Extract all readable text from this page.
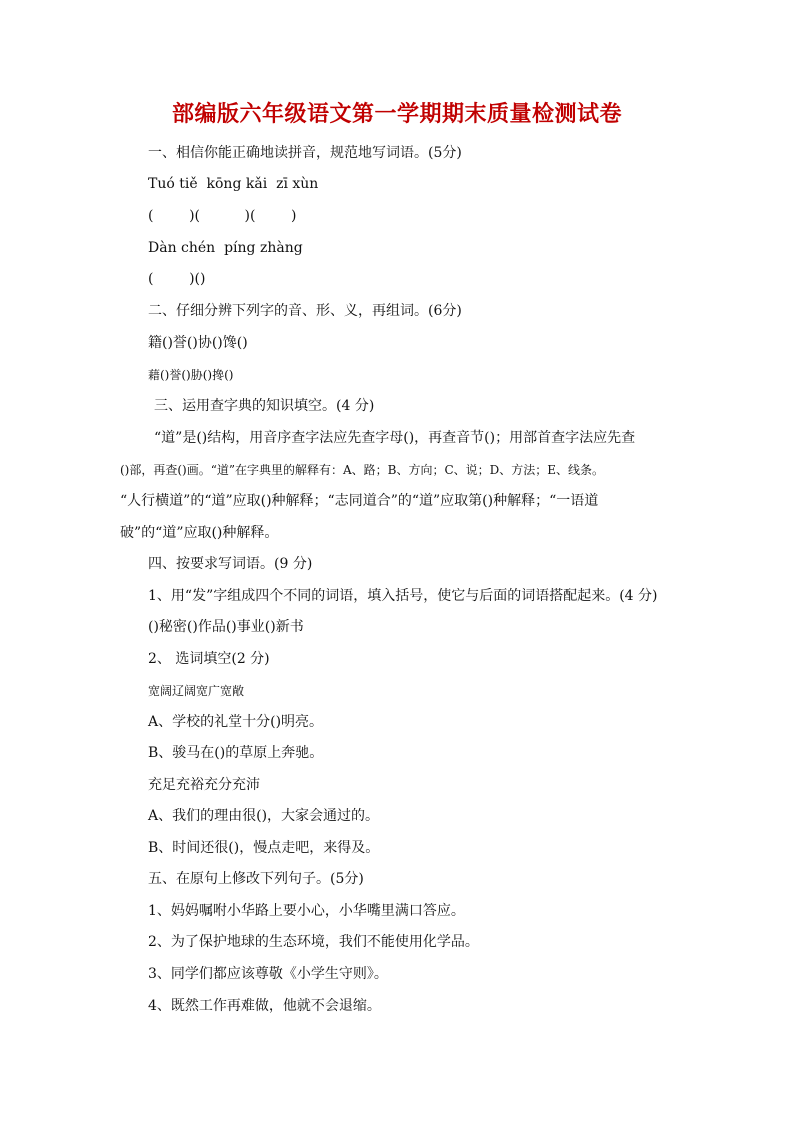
部编版六年级语文第一学期期末质量检测试卷
一、相信你能正确地读拼音，规范地写词语。(5分)
Tuó tiě  kōng kǎi  zī xùn
(        )(          )(        )
Dàn chén  píng zhàng
(        )()
二、仔细分辨下列字的音、形、义，再组词。(6分)
籍()誉()协()馋()
藉()誉()胁()搀()
三、运用查字典的知识填空。(4 分)
“道”是()结构，用音序查字法应先查字母()，再查音节()；用部首查字法应先查
()部，再查()画。“道”在字典里的解释有：A、路；B、方向；C、说；D、方法；E、线条。
“人行横道”的“道”应取()种解释；“志同道合”的“道”应取第()种解释；“一语道
破”的“道”应取()种解释。
四、按要求写词语。(9 分)
1、用“发”字组成四个不同的词语，填入括号，使它与后面的词语搭配起来。(4 分)
()秘密()作品()事业()新书
2、 选词填空(2 分)
宽阔辽阔宽广宽敞
A、学校的礼堂十分()明亮。
B、骏马在()的草原上奔驰。
充足充裕充分充沛
A、我们的理由很()，大家会通过的。
B、时间还很()，慢点走吧，来得及。
五、在原句上修改下列句子。(5分)
1、妈妈嘱咐小华路上要小心，小华嘴里满口答应。
2、为了保护地球的生态环境，我们不能使用化学品。
3、同学们都应该尊敬《小学生守则》。
4、既然工作再难做，他就不会退缩。
